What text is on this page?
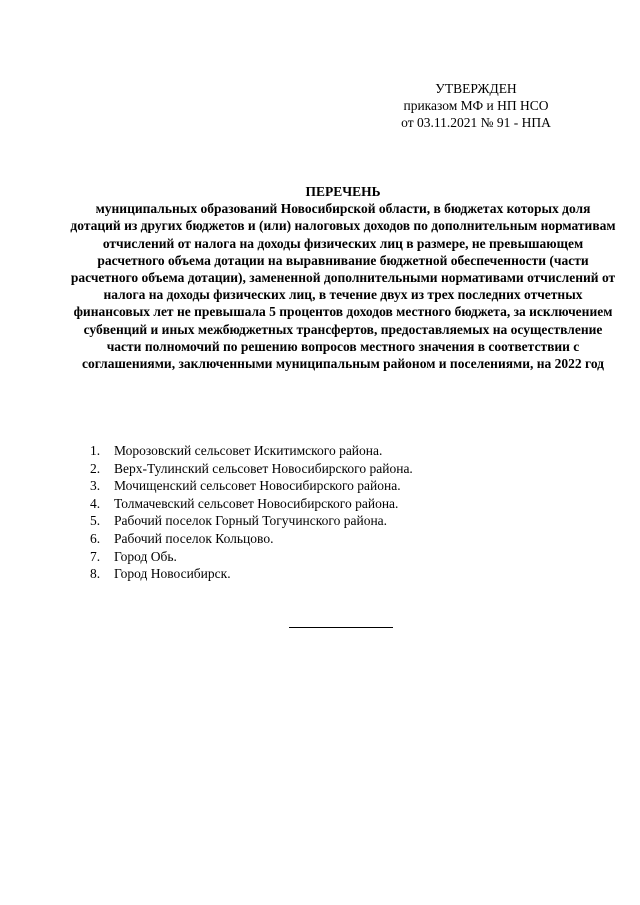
УТВЕРЖДЕН
приказом МФ и НП НСО
от 03.11.2021 № 91 - НПА
ПЕРЕЧЕНЬ
муниципальных образований Новосибирской области, в бюджетах которых доля дотаций из других бюджетов и (или) налоговых доходов по дополнительным нормативам отчислений от налога на доходы физических лиц в размере, не превышающем расчетного объема дотации на выравнивание бюджетной обеспеченности (части расчетного объема дотации), замененной дополнительными нормативами отчислений от налога на доходы физических лиц, в течение двух из трех последних отчетных финансовых лет не превышала 5 процентов доходов местного бюджета, за исключением субвенций и иных межбюджетных трансфертов, предоставляемых на осуществление части полномочий по решению вопросов местного значения в соответствии с соглашениями, заключенными муниципальным районом и поселениями, на 2022 год
1.	Морозовский сельсовет Искитимского района.
2.	Верх-Тулинский сельсовет Новосибирского района.
3.	Мочищенский сельсовет Новосибирского района.
4.	Толмачевский сельсовет Новосибирского района.
5.	Рабочий поселок Горный Тогучинского района.
6.	Рабочий поселок Кольцово.
7.	Город Обь.
8.	Город Новосибирск.
